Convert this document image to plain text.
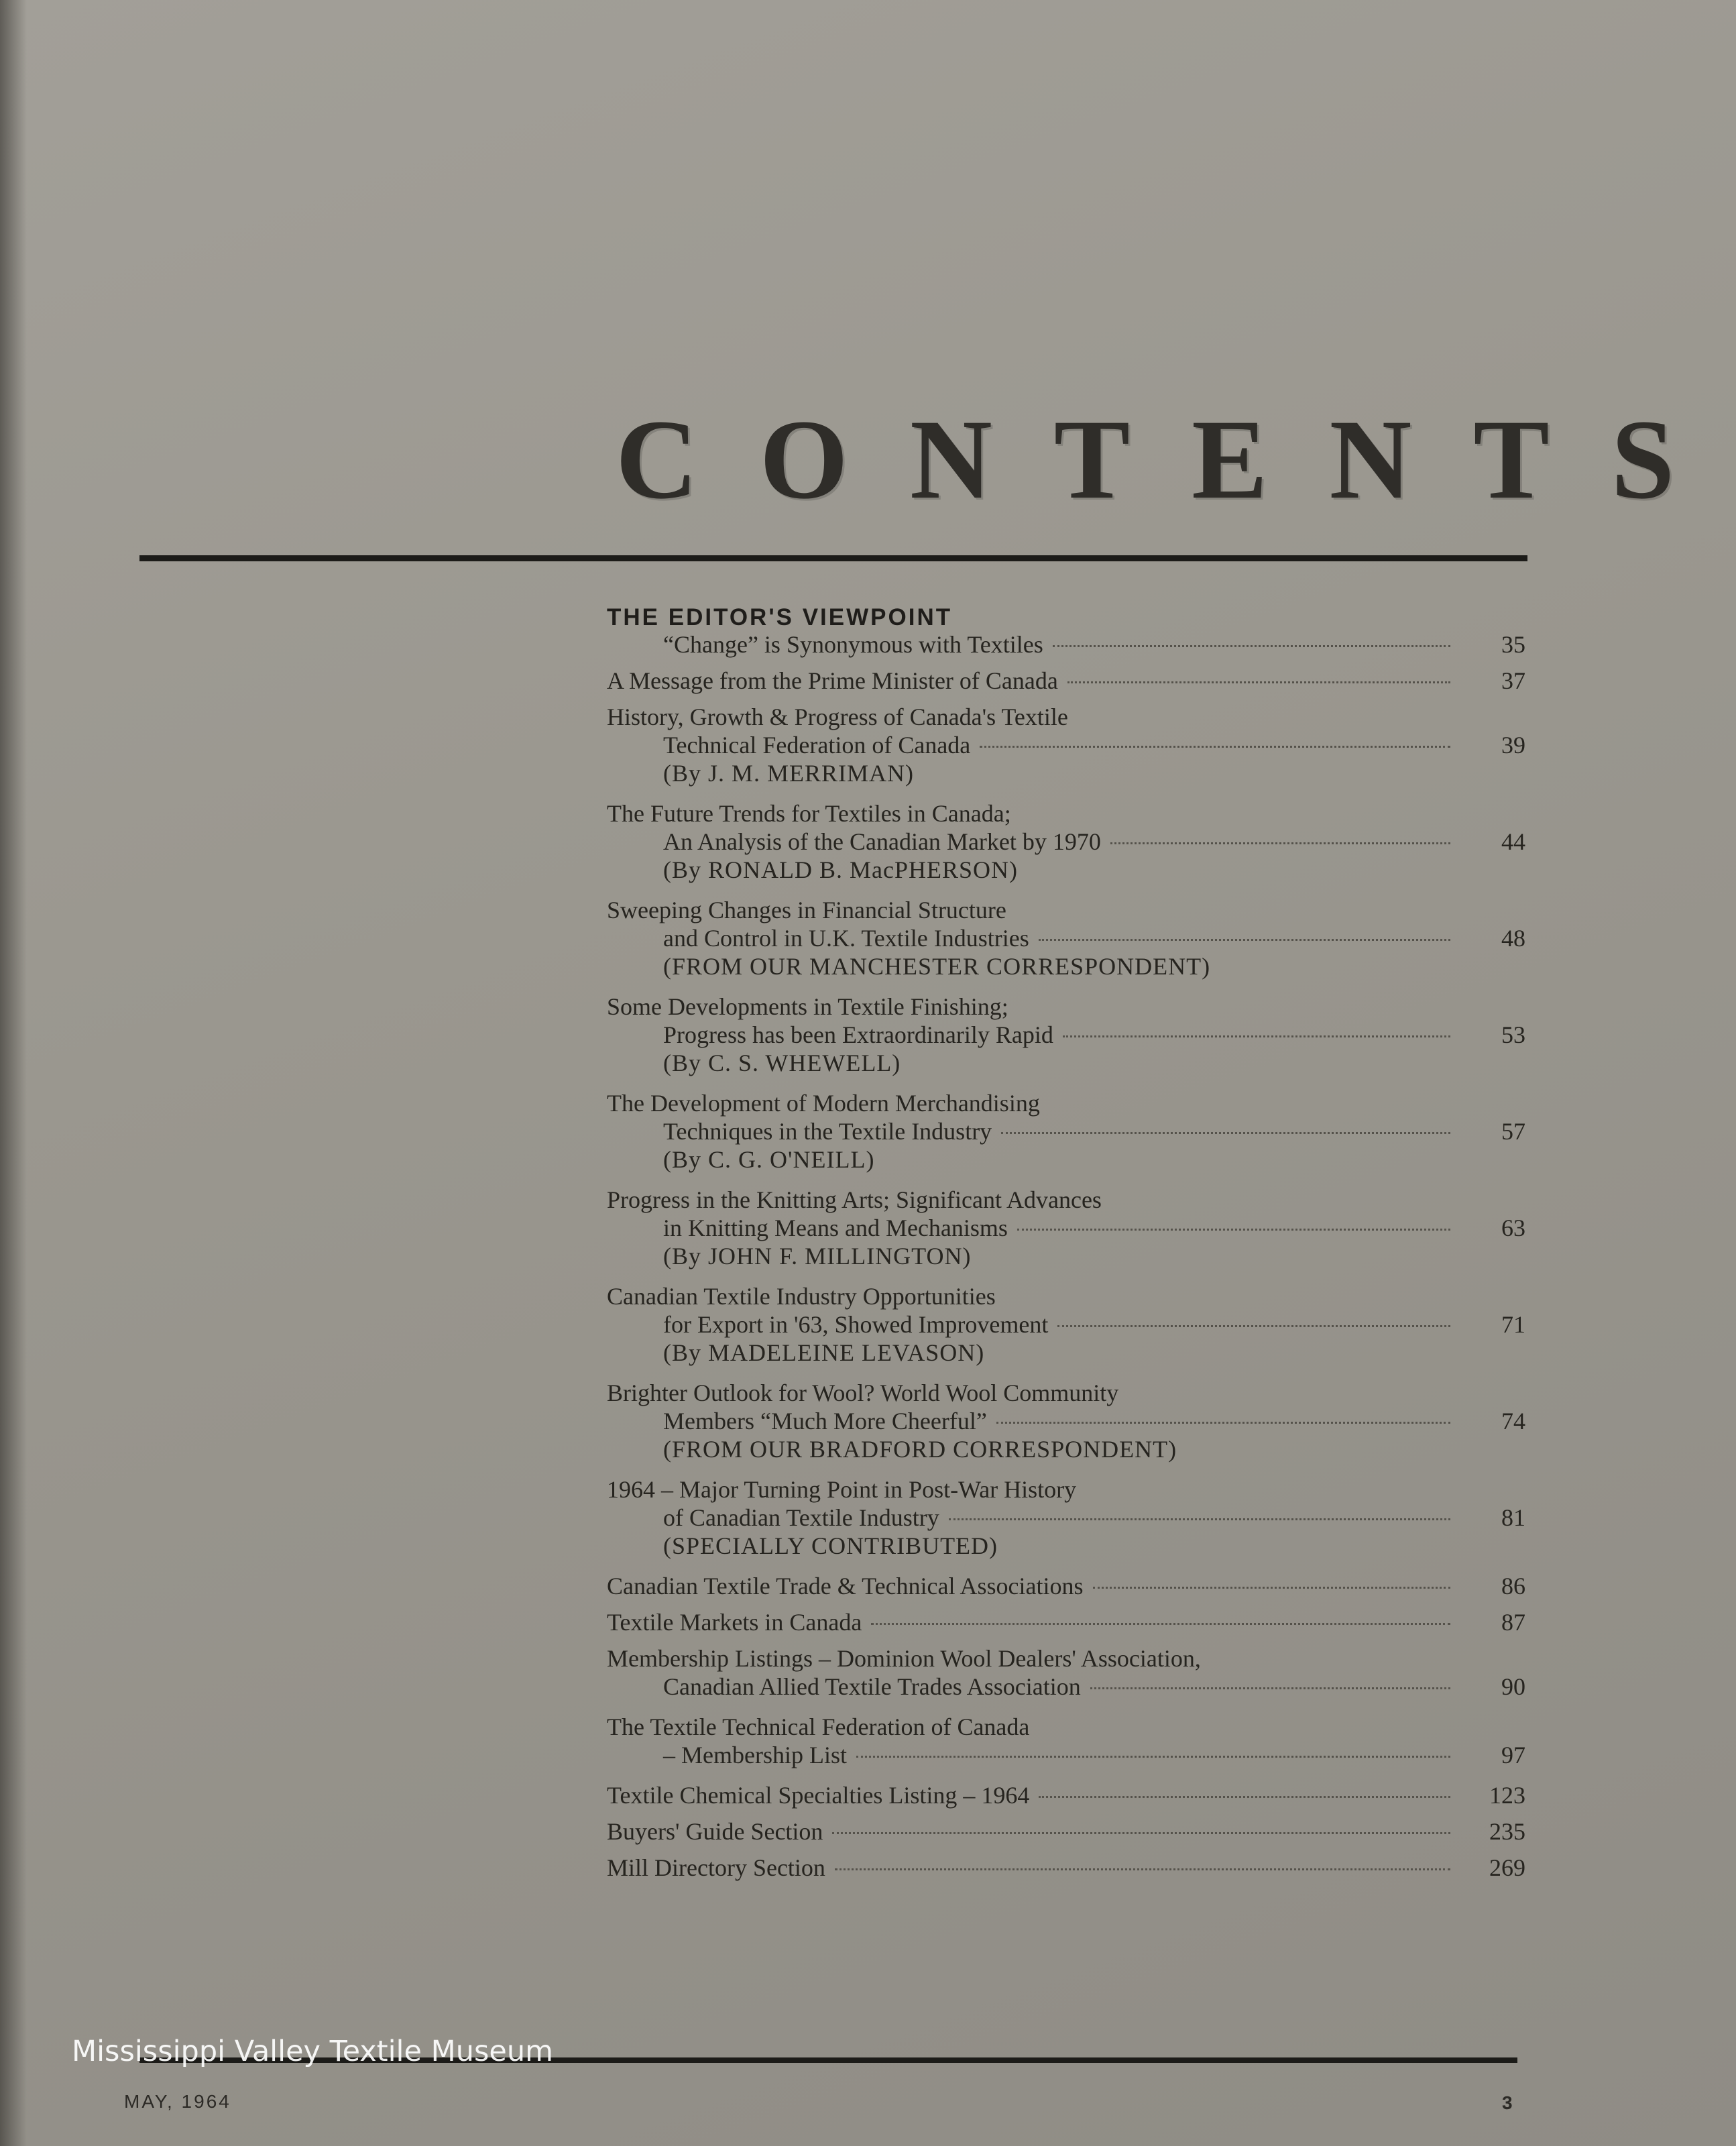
CONTENTS
THE EDITOR'S VIEWPOINT
“Change” is Synonymous with Textiles	35
A Message from the Prime Minister of Canada	37
History, Growth & Progress of Canada's Textile
Technical Federation of Canada	39
(By J. M. MERRIMAN)
The Future Trends for Textiles in Canada;
An Analysis of the Canadian Market by 1970	44
(By RONALD B. MacPHERSON)
Sweeping Changes in Financial Structure
and Control in U.K. Textile Industries	48
(FROM OUR MANCHESTER CORRESPONDENT)
Some Developments in Textile Finishing;
Progress has been Extraordinarily Rapid	53
(By C. S. WHEWELL)
The Development of Modern Merchandising
Techniques in the Textile Industry	57
(By C. G. O'NEILL)
Progress in the Knitting Arts; Significant Advances
in Knitting Means and Mechanisms	63
(By JOHN F. MILLINGTON)
Canadian Textile Industry Opportunities
for Export in '63, Showed Improvement	71
(By MADELEINE LEVASON)
Brighter Outlook for Wool? World Wool Community
Members “Much More Cheerful”	74
(FROM OUR BRADFORD CORRESPONDENT)
1964 – Major Turning Point in Post-War History
of Canadian Textile Industry	81
(SPECIALLY CONTRIBUTED)
Canadian Textile Trade & Technical Associations	86
Textile Markets in Canada	87
Membership Listings – Dominion Wool Dealers' Association,
Canadian Allied Textile Trades Association	90
The Textile Technical Federation of Canada
– Membership List	97
Textile Chemical Specialties Listing – 1964	123
Buyers' Guide Section	235
Mill Directory Section	269
Mississippi Valley Textile Museum
MAY, 1964	3
